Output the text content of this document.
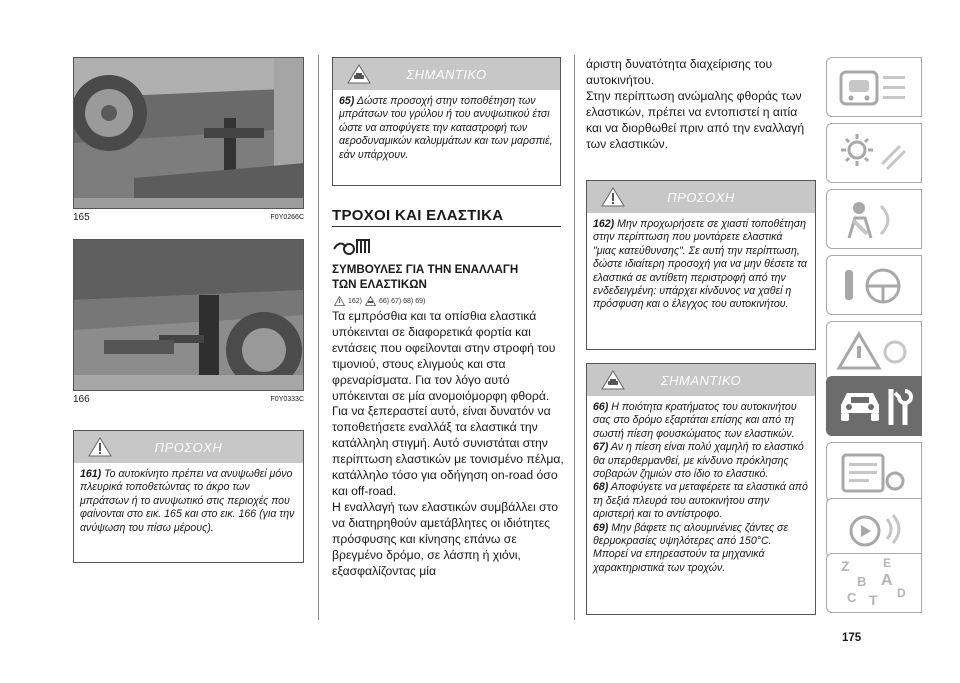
165	F0Y0266C
166	F0Y0333C
ΠΡΟΣΟΧΗ

161) Το αυτοκίνητο πρέπει να ανυψωθεί μόνο πλευρικά τοποθετώντας το άκρο των μπράτσων ή το ανυψωτικό στις περιοχές που φαίνονται στο εικ. 165 και στο εικ. 166 (για την ανύψωση του πίσω μέρους).

ΣΗΜΑΝΤΙΚΟ

65) Δώστε προσοχή στην τοποθέτηση των μπράτσων του γρύλου ή του ανυψωτικού έτσι ώστε να αποφύγετε την καταστροφή των αεροδυναμικών καλυμμάτων και των μαρσπιέ, εάν υπάρχουν.

ΤΡΟΧΟΙ ΚΑΙ ΕΛΑΣΤΙΚΑ
ΣΥΜΒΟΥΛΕΣ ΓΙΑ ΤΗΝ ΕΝΑΛΛΑΓΗ
ΤΩΝ ΕΛΑΣΤΙΚΩΝ
162) 66) 67) 68) 69)

Τα εμπρόσθια και τα οπίσθια ελαστικά υπόκεινται σε διαφορετικά φορτία και εντάσεις που οφείλονται στην στροφή του τιμονιού, στους ελιγμούς και στα φρεναρίσματα. Για τον λόγο αυτό υπόκεινται σε μία ανομοιόμορφη φθορά.

Για να ξεπεραστεί αυτό, είναι δυνατόν να τοποθετήσετε εναλλάξ τα ελαστικά την κατάλληλη στιγμή. Αυτό συνιστάται στην περίπτωση ελαστικών με τονισμένο πέλμα, κατάλληλο τόσο για οδήγηση on-road όσο και off-road.

Η εναλλαγή των ελαστικών συμβάλλει στο να διατηρηθούν αμετάβλητες οι ιδιότητες πρόσφυσης και κίνησης επάνω σε βρεγμένο δρόμο, σε λάσπη ή χιόνι, εξασφαλίζοντας μία

άριστη δυνατότητα διαχείρισης του αυτοκινήτου.

Στην περίπτωση ανώμαλης φθοράς των ελαστικών, πρέπει να εντοπιστεί η αιτία και να διορθωθεί πριν από την εναλλαγή των ελαστικών.

ΠΡΟΣΟΧΗ

162) Μην προχωρήσετε σε χιαστί τοποθέτηση στην περίπτωση που μοντάρετε ελαστικά "μιας κατεύθυνσης". Σε αυτή την περίπτωση, δώστε ιδιαίτερη προσοχή για να μην θέσετε τα ελαστικά σε αντίθετη περιστροφή από την ενδεδειγμένη: υπάρχει κίνδυνος να χαθεί η πρόσφυση και ο έλεγχος του αυτοκινήτου.

ΣΗΜΑΝΤΙΚΟ

66) Η ποιότητα κρατήματος του αυτοκινήτου σας στο δρόμο εξαρτάται επίσης και από τη σωστή πίεση φουσκώματος των ελαστικών.

67) Αν η πίεση είναι πολύ χαμηλή το ελαστικό θα υπερθερμανθεί, με κίνδυνο πρόκλησης σοβαρών ζημιών στο ίδιο το ελαστικό.

68) Αποφύγετε να μεταφέρετε τα ελαστικά από τη δεξιά πλευρά του αυτοκινήτου στην αριστερή και το αντίστροφο.

69) Μην βάφετε τις αλουμινένιες ζάντες σε θερμοκρασίες υψηλότερες από 150°C. Μπορεί να επηρεαστούν τα μηχανικά χαρακτηριστικά των τροχών.	Z	E
B A
C T D
175
